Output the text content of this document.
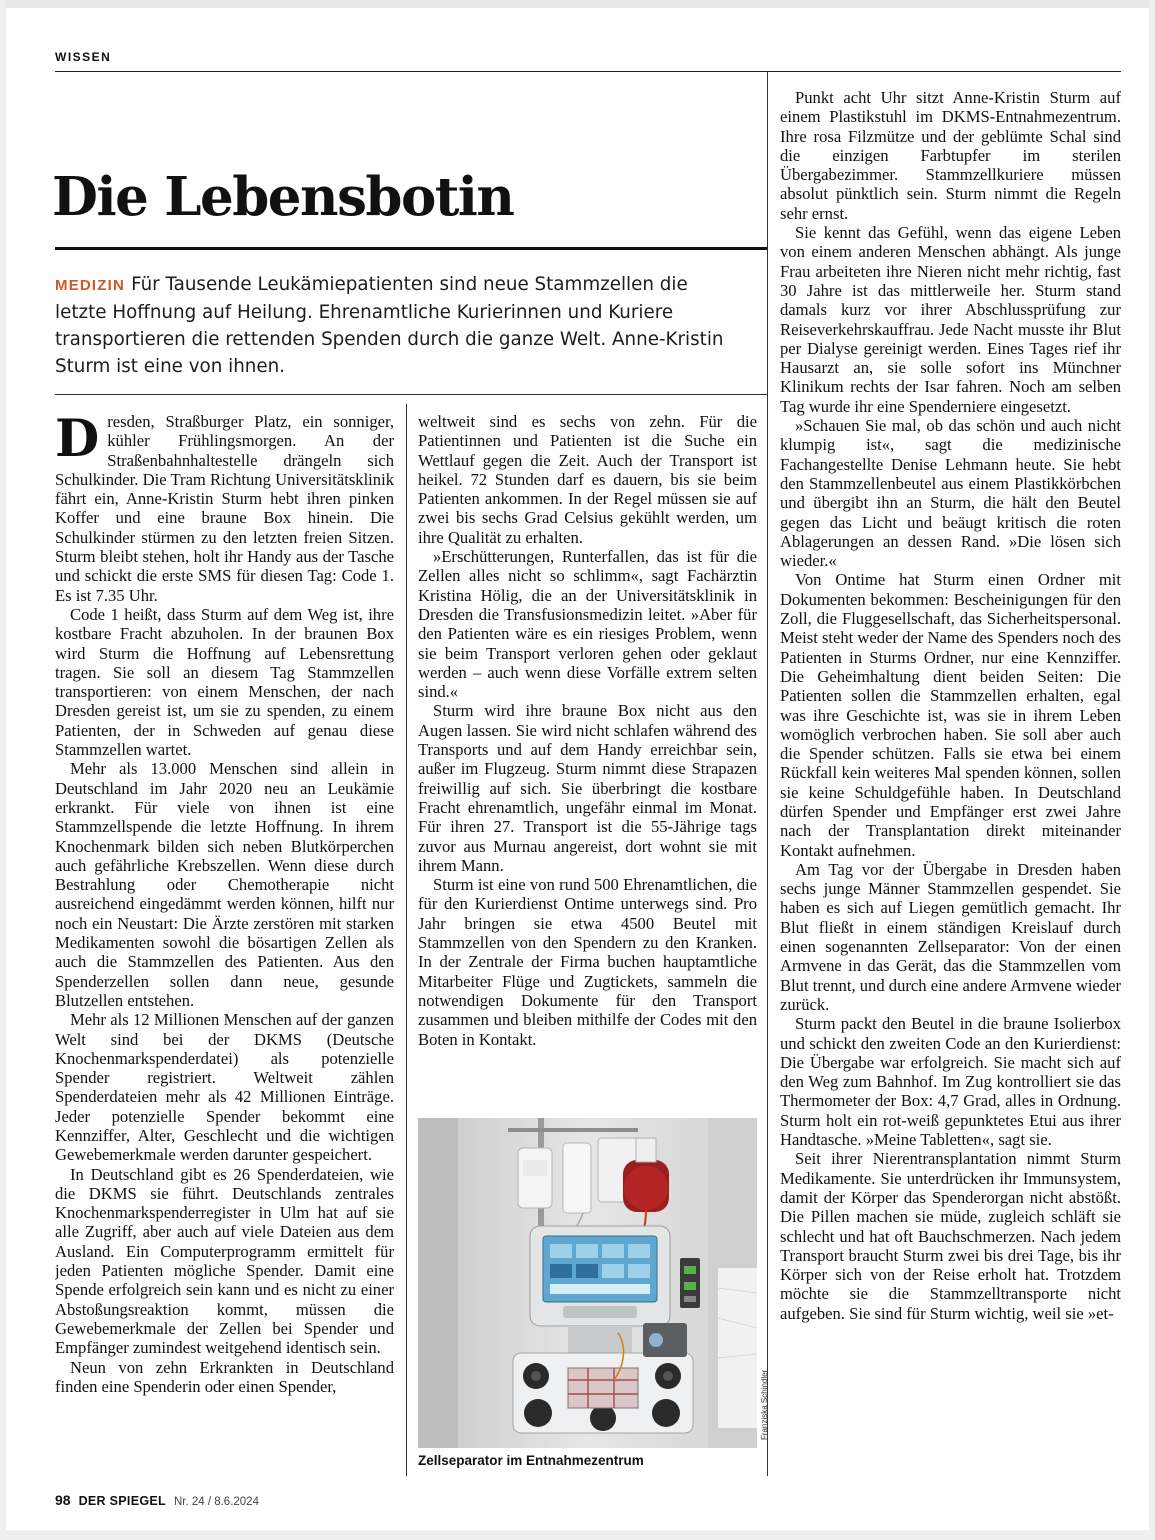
WISSEN
Die Lebensbotin

MEDIZIN Für Tausende Leukämiepatienten sind neue Stammzellen die letzte Hoffnung auf Heilung. Ehrenamtliche Kurierinnen und Kuriere transportieren die rettenden Spenden durch die ganze Welt. Anne-Kristin Sturm ist eine von ihnen.

Dresden, Straßburger Platz, ein sonniger, kühler Frühlingsmorgen. An der Straßenbahnhaltestelle drängeln sich Schulkinder. Die Tram Richtung Universitätsklinik fährt ein, Anne-Kristin Sturm hebt ihren pinken Koffer und eine braune Box hinein. Die Schulkinder stürmen zu den letzten freien Sitzen. Sturm bleibt stehen, holt ihr Handy aus der Tasche und schickt die erste SMS für diesen Tag: Code 1. Es ist 7.35 Uhr.

Code 1 heißt, dass Sturm auf dem Weg ist, ihre kostbare Fracht abzuholen. In der braunen Box wird Sturm die Hoffnung auf Lebensrettung tragen. Sie soll an diesem Tag Stammzellen transportieren: von einem Menschen, der nach Dresden gereist ist, um sie zu spenden, zu einem Patienten, der in Schweden auf genau diese Stammzellen wartet.

Mehr als 13.000 Menschen sind allein in Deutschland im Jahr 2020 neu an Leukämie erkrankt. Für viele von ihnen ist eine Stammzellspende die letzte Hoffnung. In ihrem Knochenmark bilden sich neben Blutkörperchen auch gefährliche Krebszellen. Wenn diese durch Bestrahlung oder Chemotherapie nicht ausreichend eingedämmt werden können, hilft nur noch ein Neustart: Die Ärzte zerstören mit starken Medikamenten sowohl die bösartigen Zellen als auch die Stammzellen des Patienten. Aus den Spenderzellen sollen dann neue, gesunde Blutzellen entstehen.

Mehr als 12 Millionen Menschen auf der ganzen Welt sind bei der DKMS (Deutsche Knochenmarkspenderdatei) als potenzielle Spender registriert. Weltweit zählen Spenderdateien mehr als 42 Millionen Einträge. Jeder potenzielle Spender bekommt eine Kennziffer, Alter, Geschlecht und die wichtigen Gewebemerkmale werden darunter gespeichert.

In Deutschland gibt es 26 Spenderdateien, wie die DKMS sie führt. Deutschlands zentrales Knochenmarkspenderregister in Ulm hat auf sie alle Zugriff, aber auch auf viele Dateien aus dem Ausland. Ein Computerprogramm ermittelt für jeden Patienten mögliche Spender. Damit eine Spende erfolgreich sein kann und es nicht zu einer Abstoßungsreaktion kommt, müssen die Gewebemerkmale der Zellen bei Spender und Empfänger zumindest weitgehend identisch sein.

Neun von zehn Erkrankten in Deutschland finden eine Spenderin oder einen Spender,

weltweit sind es sechs von zehn. Für die Patientinnen und Patienten ist die Suche ein Wettlauf gegen die Zeit. Auch der Transport ist heikel. 72 Stunden darf es dauern, bis sie beim Patienten ankommen. In der Regel müssen sie auf zwei bis sechs Grad Celsius gekühlt werden, um ihre Qualität zu erhalten.

»Erschütterungen, Runterfallen, das ist für die Zellen alles nicht so schlimm«, sagt Fachärztin Kristina Hölig, die an der Universitätsklinik in Dresden die Transfusionsmedizin leitet. »Aber für den Patienten wäre es ein riesiges Problem, wenn sie beim Transport verloren gehen oder geklaut werden – auch wenn diese Vorfälle extrem selten sind.«

Sturm wird ihre braune Box nicht aus den Augen lassen. Sie wird nicht schlafen während des Transports und auf dem Handy erreichbar sein, außer im Flugzeug. Sturm nimmt diese Strapazen freiwillig auf sich. Sie überbringt die kostbare Fracht ehrenamtlich, ungefähr einmal im Monat. Für ihren 27. Transport ist die 55-Jährige tags zuvor aus Murnau angereist, dort wohnt sie mit ihrem Mann.

Sturm ist eine von rund 500 Ehrenamtlichen, die für den Kurierdienst Ontime unterwegs sind. Pro Jahr bringen sie etwa 4500 Beutel mit Stammzellen von den Spendern zu den Kranken. In der Zentrale der Firma buchen hauptamtliche Mitarbeiter Flüge und Zugtickets, sammeln die notwendigen Dokumente für den Transport zusammen und bleiben mithilfe der Codes mit den Boten in Kontakt.

Punkt acht Uhr sitzt Anne-Kristin Sturm auf einem Plastikstuhl im DKMS-Entnahmezentrum. Ihre rosa Filzmütze und der geblümte Schal sind die einzigen Farbtupfer im sterilen Übergabezimmer. Stammzellkuriere müssen absolut pünktlich sein. Sturm nimmt die Regeln sehr ernst.

Sie kennt das Gefühl, wenn das eigene Leben von einem anderen Menschen abhängt. Als junge Frau arbeiteten ihre Nieren nicht mehr richtig, fast 30 Jahre ist das mittlerweile her. Sturm stand damals kurz vor ihrer Abschlussprüfung zur Reiseverkehrskauffrau. Jede Nacht musste ihr Blut per Dialyse gereinigt werden. Eines Tages rief ihr Hausarzt an, sie solle sofort ins Münchner Klinikum rechts der Isar fahren. Noch am selben Tag wurde ihr eine Spenderniere eingesetzt.

»Schauen Sie mal, ob das schön und auch nicht klumpig ist«, sagt die medizinische Fachangestellte Denise Lehmann heute. Sie hebt den Stammzellenbeutel aus einem Plastikkörbchen und übergibt ihn an Sturm, die hält den Beutel gegen das Licht und beäugt kritisch die roten Ablagerungen an dessen Rand. »Die lösen sich wieder.«

Von Ontime hat Sturm einen Ordner mit Dokumenten bekommen: Bescheinigungen für den Zoll, die Fluggesellschaft, das Sicherheitspersonal. Meist steht weder der Name des Spenders noch des Patienten in Sturms Ordner, nur eine Kennziffer. Die Geheimhaltung dient beiden Seiten: Die Patienten sollen die Stammzellen erhalten, egal was ihre Geschichte ist, was sie in ihrem Leben womöglich verbrochen haben. Sie soll aber auch die Spender schützen. Falls sie etwa bei einem Rückfall kein weiteres Mal spenden können, sollen sie keine Schuldgefühle haben. In Deutschland dürfen Spender und Empfänger erst zwei Jahre nach der Transplantation direkt miteinander Kontakt aufnehmen.

Am Tag vor der Übergabe in Dresden haben sechs junge Männer Stammzellen gespendet. Sie haben es sich auf Liegen gemütlich gemacht. Ihr Blut fließt in einem ständigen Kreislauf durch einen sogenannten Zellseparator: Von der einen Armvene in das Gerät, das die Stammzellen vom Blut trennt, und durch eine andere Armvene wieder zurück.

Sturm packt den Beutel in die braune Isolierbox und schickt den zweiten Code an den Kurierdienst: Die Übergabe war erfolgreich. Sie macht sich auf den Weg zum Bahnhof. Im Zug kontrolliert sie das Thermometer der Box: 4,7 Grad, alles in Ordnung. Sturm holt ein rot-weiß gepunktetes Etui aus ihrer Handtasche. »Meine Tabletten«, sagt sie.

Seit ihrer Nierentransplantation nimmt Sturm Medikamente. Sie unterdrücken ihr Immunsystem, damit der Körper das Spenderorgan nicht abstößt. Die Pillen machen sie müde, zugleich schläft sie schlecht und hat oft Bauchschmerzen. Nach jedem Transport braucht Sturm zwei bis drei Tage, bis ihr Körper sich von der Reise erholt hat. Trotzdem möchte sie die Stammzelltransporte nicht aufgeben. Sie sind für Sturm wichtig, weil sie »et-

Zellseparator im Entnahmezentrum
Franziska Schindler
98 DER SPIEGEL Nr. 24 / 8.6.2024
